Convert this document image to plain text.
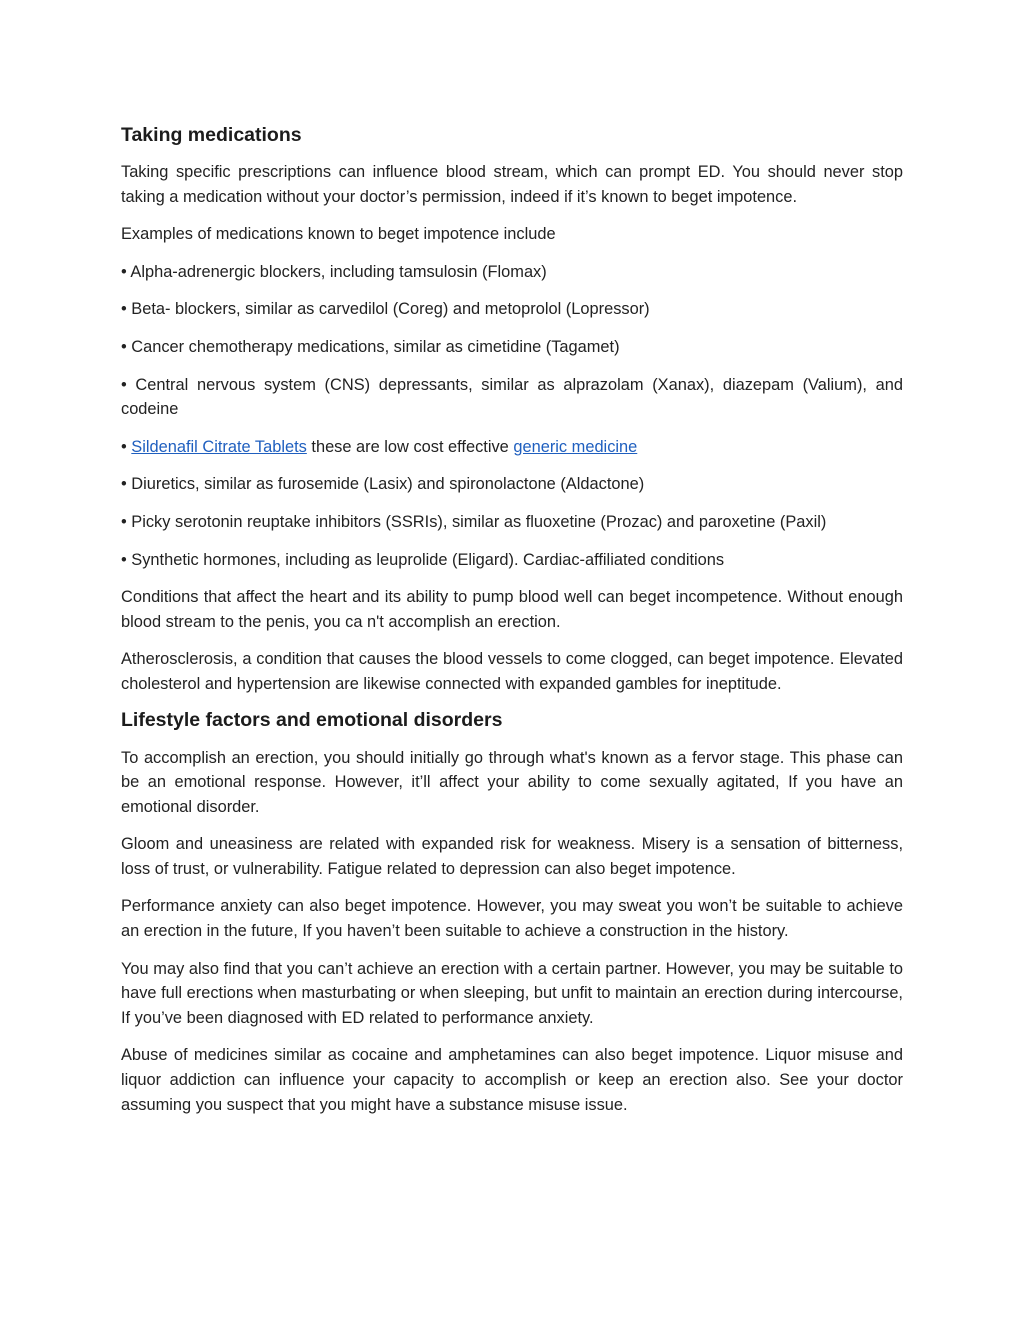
Taking medications

Taking specific prescriptions can influence blood stream, which can prompt ED. You should never stop taking a medication without your doctor’s permission, indeed if it’s known to beget impotence.

Examples of medications known to beget impotence include

• Alpha-adrenergic blockers, including tamsulosin (Flomax)

• Beta- blockers, similar as carvedilol (Coreg) and metoprolol (Lopressor)

• Cancer chemotherapy medications, similar as cimetidine (Tagamet)

• Central nervous system (CNS) depressants, similar as alprazolam (Xanax), diazepam (Valium), and codeine

• Sildenafil Citrate Tablets these are low cost effective generic medicine

• Diuretics, similar as furosemide (Lasix) and spironolactone (Aldactone)

• Picky serotonin reuptake inhibitors (SSRIs), similar as fluoxetine (Prozac) and paroxetine (Paxil)

• Synthetic hormones, including as leuprolide (Eligard). Cardiac-affiliated conditions

Conditions that affect the heart and its ability to pump blood well can beget incompetence. Without enough blood stream to the penis, you ca n't accomplish an erection.

Atherosclerosis, a condition that causes the blood vessels to come clogged, can beget impotence. Elevated cholesterol and hypertension are likewise connected with expanded gambles for ineptitude.

Lifestyle factors and emotional disorders

To accomplish an erection, you should initially go through what's known as a fervor stage. This phase can be an emotional response. However, it’ll affect your ability to come sexually agitated, If you have an emotional disorder.

Gloom and uneasiness are related with expanded risk for weakness. Misery is a sensation of bitterness, loss of trust, or vulnerability. Fatigue related to depression can also beget impotence.

Performance anxiety can also beget impotence. However, you may sweat you won’t be suitable to achieve an erection in the future, If you haven’t been suitable to achieve a construction in the history.

You may also find that you can’t achieve an erection with a certain partner. However, you may be suitable to have full erections when masturbating or when sleeping, but unfit to maintain an erection during intercourse, If you’ve been diagnosed with ED related to performance anxiety.

Abuse of medicines similar as cocaine and amphetamines can also beget impotence. Liquor misuse and liquor addiction can influence your capacity to accomplish or keep an erection also. See your doctor assuming you suspect that you might have a substance misuse issue.
